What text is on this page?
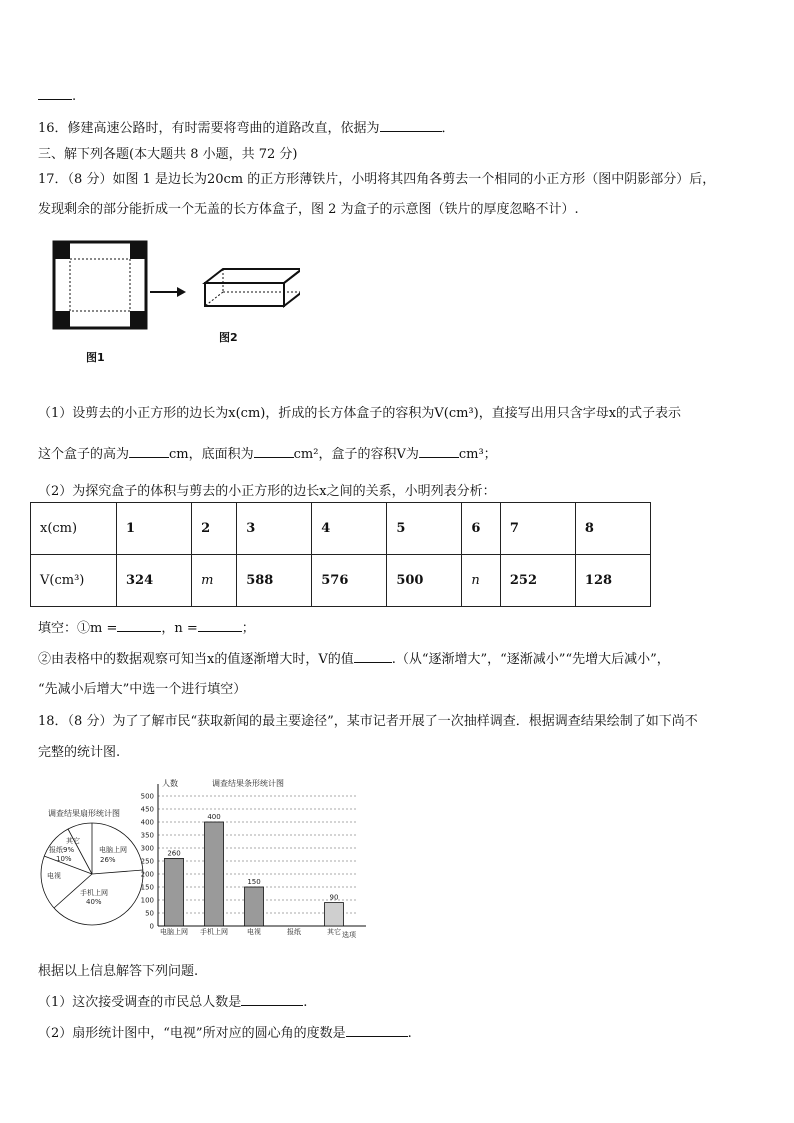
.
16．修建高速公路时，有时需要将弯曲的道路改直，依据为	．
三、解下列各题(本大题共 8 小题，共 72 分)
17．（8 分）如图 1 是边长为20cm 的正方形薄铁片，小明将其四角各剪去一个相同的小正方形（图中阴影部分）后，
发现剩余的部分能折成一个无盖的长方体盒子，图 2 为盒子的示意图（铁片的厚度忽略不计）.
图2
图1
（1）设剪去的小正方形的边长为x(cm)，折成的长方体盒子的容积为V(cm³)，直接写出用只含字母x的式子表示
这个盒子的高为	cm，底面积为	cm²，盒子的容积V为	cm³；
（2）为探究盒子的体积与剪去的小正方形的边长x之间的关系，小明列表分析：
x(cm)	1	2	3	4	5	6	7	8
V(cm³)	324	m	588	576	500	n	252	128
填空：①m =	，n =	；
②由表格中的数据观察可知当x的值逐渐增大时，V的值	.（从“逐渐增大”，“逐渐减小”“先增大后减小”，
“先减小后增大”中选一个进行填空）
18．（8 分）为了了解市民“获取新闻的最主要途径”，某市记者开展了一次抽样调查．根据调查结果绘制了如下尚不
完整的统计图.
调查结果扇形统计图
其它
报纸9%
10%
电脑上网
26%
电视
手机上网
40%
调查结果条形统计图
人数
选项
0
50
100
150
200
250
300
350
400
450
500
260
电脑上网
400
手机上网
150
电视	报纸
90
其它
根据以上信息解答下列问题.
（1）这次接受调查的市民总人数是	.
（2）扇形统计图中，“电视”所对应的圆心角的度数是	.
